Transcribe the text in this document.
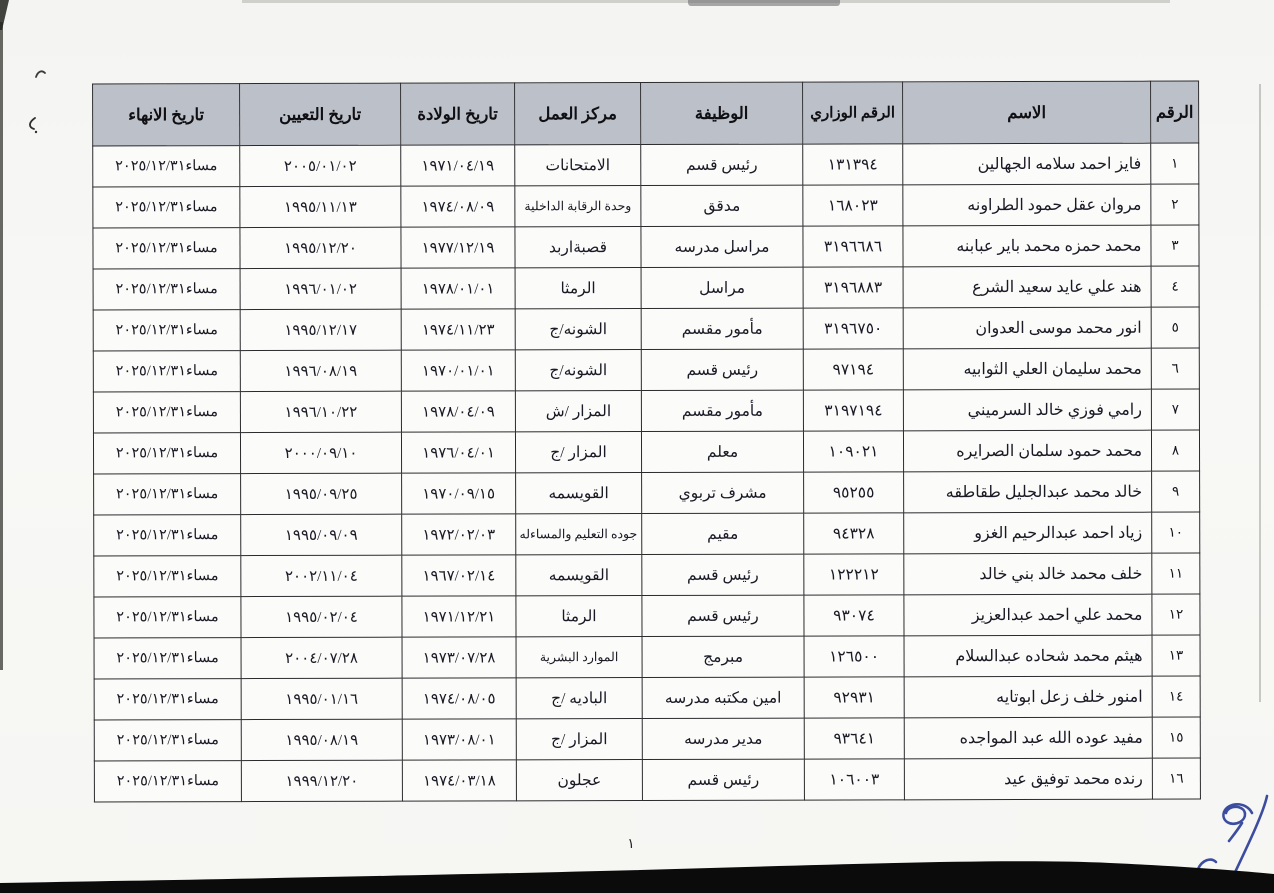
الرقم	الاسم	الرقم الوزاري	الوظيفة	مركز العمل	تاريخ الولادة	تاريخ التعيين	تاريخ الانهاء
١	فايز احمد سلامه الجهالين	١٣١٣٩٤	رئيس قسم	الامتحانات	١٩٧١/٠٤/١٩	٢٠٠٥/٠١/٠٢	مساء٢٠٢٥/١٢/٣١
٢	مروان عقل حمود الطراونه	١٦٨٠٢٣	مدقق	وحدة الرقابة الداخلية	١٩٧٤/٠٨/٠٩	١٩٩٥/١١/١٣	مساء٢٠٢٥/١٢/٣١
٣	محمد حمزه محمد باير عبابنه	٣١٩٦٦٨٦	مراسل مدرسه	قصبةاربد	١٩٧٧/١٢/١٩	١٩٩٥/١٢/٢٠	مساء٢٠٢٥/١٢/٣١
٤	هند علي عايد سعيد الشرع	٣١٩٦٨٨٣	مراسل	الرمثا	١٩٧٨/٠١/٠١	١٩٩٦/٠١/٠٢	مساء٢٠٢٥/١٢/٣١
٥	انور محمد موسى العدوان	٣١٩٦٧٥٠	مأمور مقسم	الشونه/ج	١٩٧٤/١١/٢٣	١٩٩٥/١٢/١٧	مساء٢٠٢٥/١٢/٣١
٦	محمد سليمان العلي الثوابيه	٩٧١٩٤	رئيس قسم	الشونه/ج	١٩٧٠/٠١/٠١	١٩٩٦/٠٨/١٩	مساء٢٠٢٥/١٢/٣١
٧	رامي فوزي خالد السرميني	٣١٩٧١٩٤	مأمور مقسم	المزار /ش	١٩٧٨/٠٤/٠٩	١٩٩٦/١٠/٢٢	مساء٢٠٢٥/١٢/٣١
٨	محمد حمود سلمان الصرايره	١٠٩٠٢١	معلم	المزار /ج	١٩٧٦/٠٤/٠١	٢٠٠٠/٠٩/١٠	مساء٢٠٢٥/١٢/٣١
٩	خالد محمد عبدالجليل طقاطقه	٩٥٢٥٥	مشرف تربوي	القويسمه	١٩٧٠/٠٩/١٥	١٩٩٥/٠٩/٢٥	مساء٢٠٢٥/١٢/٣١
١٠	زياد احمد عبدالرحيم الغزو	٩٤٣٢٨	مقيم	جوده التعليم والمساءله	١٩٧٢/٠٢/٠٣	١٩٩٥/٠٩/٠٩	مساء٢٠٢٥/١٢/٣١
١١	خلف محمد خالد بني خالد	١٢٢٢١٢	رئيس قسم	القويسمه	١٩٦٧/٠٢/١٤	٢٠٠٢/١١/٠٤	مساء٢٠٢٥/١٢/٣١
١٢	محمد علي احمد عبدالعزيز	٩٣٠٧٤	رئيس قسم	الرمثا	١٩٧١/١٢/٢١	١٩٩٥/٠٢/٠٤	مساء٢٠٢٥/١٢/٣١
١٣	هيثم محمد شحاده عبدالسلام	١٢٦٥٠٠	مبرمج	الموارد البشرية	١٩٧٣/٠٧/٢٨	٢٠٠٤/٠٧/٢٨	مساء٢٠٢٥/١٢/٣١
١٤	امنور خلف زعل ابوتايه	٩٢٩٣١	امين مكتبه مدرسه	الباديه /ج	١٩٧٤/٠٨/٠٥	١٩٩٥/٠١/١٦	مساء٢٠٢٥/١٢/٣١
١٥	مفيد عوده الله عبد المواجده	٩٣٦٤١	مدير مدرسه	المزار /ج	١٩٧٣/٠٨/٠١	١٩٩٥/٠٨/١٩	مساء٢٠٢٥/١٢/٣١
١٦	رنده محمد توفيق عيد	١٠٦٠٠٣	رئيس قسم	عجلون	١٩٧٤/٠٣/١٨	١٩٩٩/١٢/٢٠	مساء٢٠٢٥/١٢/٣١
١
